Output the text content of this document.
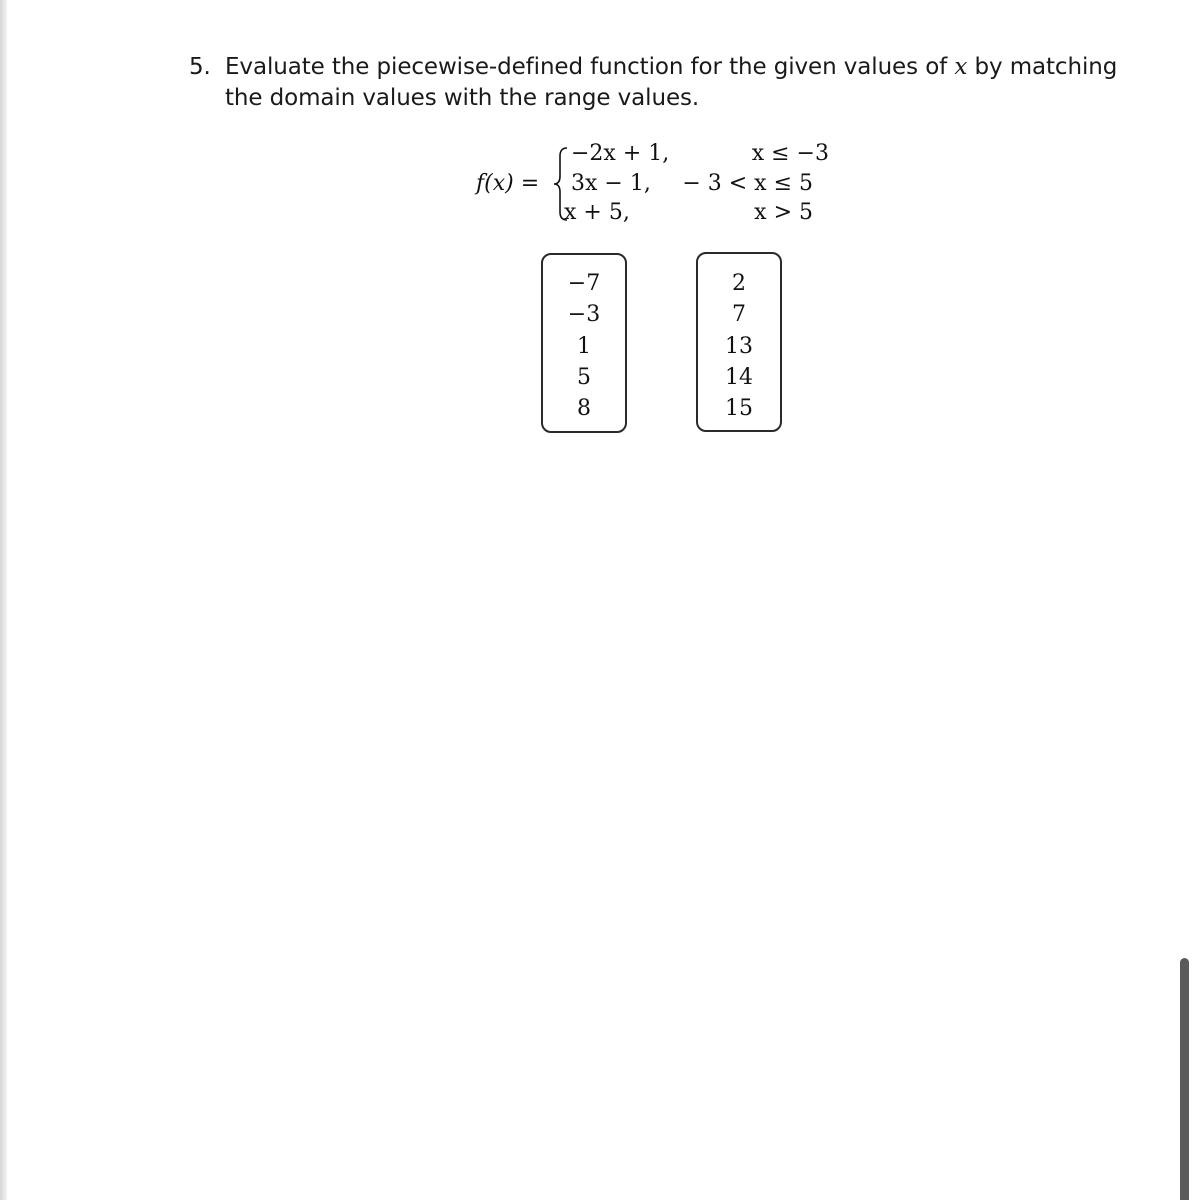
5. Evaluate the piecewise-defined function for the given values of x by matching
the domain values with the range values.
f(x) =
−2x + 1,
3x − 1,
x + 5,
x ≤ −3
− 3 < x ≤ 5
x > 5
−7
−3
1
5
8
2
7
13
14
15
